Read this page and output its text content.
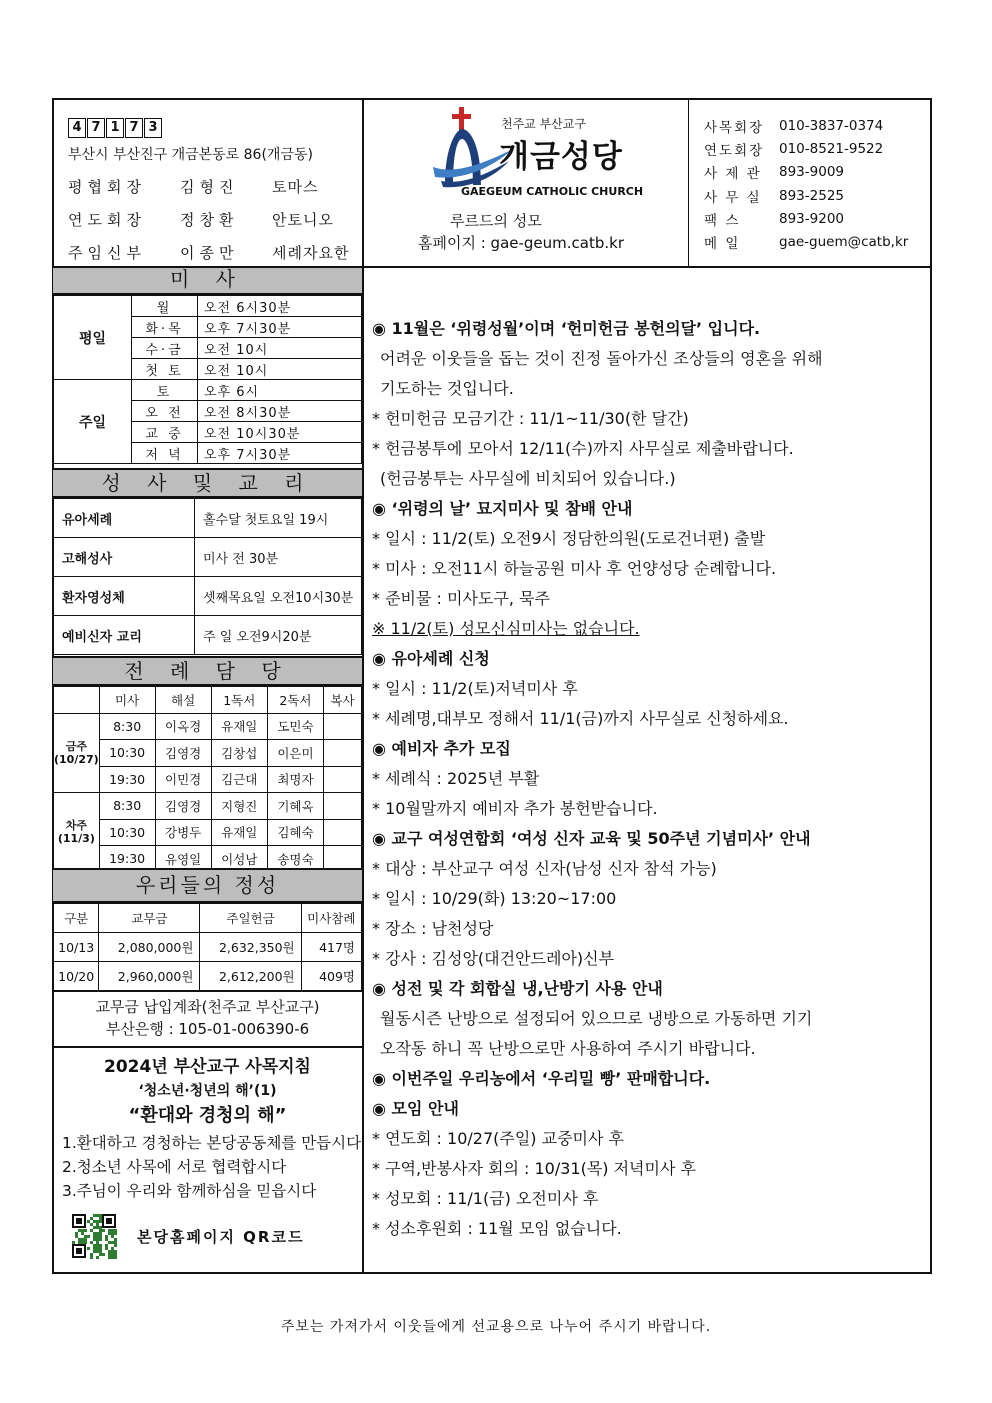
4 7 1 7 3
부산시 부산진구 개금본동로 86(개금동)
평협회장	김형진	토마스
연도회장	정창환	안토니오
주임신부	이종만	세례자요한
천주교 부산교구
개금성당
GAEGEUM CATHOLIC CHURCH
루르드의 성모
홈페이지 : gae-geum.catb.kr
사목회장	010-3837-0374
연도회장	010-8521-9522
사 제 관	893-9009
사 무 실	893-2525
팩 스	893-9200
메 일	gae-guem@catb,kr
미 사
평일	월	오전 6시30분
	화·목	오후 7시30분
	수·금	오전 10시
	첫 토	오전 10시
주일	토	오후 6시
	오 전	오전 8시30분
	교 중	오전 10시30분
	저 녁	오후 7시30분
성 사 및 교 리
유아세례	홀수달 첫토요일 19시
고해성사	미사 전 30분
환자영성체	셋째목요일 오전10시30분
예비신자 교리	주 일 오전9시20분
전 례 담 당
	미사	해설	1독서	2독서	복사
금주(10/27)	8:30	이옥경	유재일	도민숙	
	10:30	김영경	김창섭	이은미	
	19:30	이민경	김근대	최명자	
차주(11/3)	8:30	김영경	지형진	기혜옥	
	10:30	강병두	유재일	김혜숙	
	19:30	유영일	이성남	송명숙	
우리들의 정성
구분	교무금	주일헌금	미사참례
10/13	2,080,000원	2,632,350원	417명
10/20	2,960,000원	2,612,200원	409명
교무금 납입계좌(천주교 부산교구)
부산은행 : 105-01-006390-6
2024년 부산교구 사목지침
‘청소년·청년의 해’(1)
“환대와 경청의 해”
1.환대하고 경청하는 본당공동체를 만듭시다
2.청소년 사목에 서로 협력합시다
3.주님이 우리와 함께하심을 믿읍시다
본당홈페이지 QR코드
◉ 11월은 ‘위령성월’이며 ‘헌미헌금 봉헌의달’ 입니다.
어려운 이웃들을 돕는 것이 진정 돌아가신 조상들의 영혼을 위해
기도하는 것입니다.
* 헌미헌금 모금기간 : 11/1~11/30(한 달간)
* 헌금봉투에 모아서 12/11(수)까지 사무실로 제출바랍니다.
(헌금봉투는 사무실에 비치되어 있습니다.)
◉ ‘위령의 날’ 묘지미사 및 참배 안내
* 일시 : 11/2(토) 오전9시 정담한의원(도로건너편) 출발
* 미사 : 오전11시 하늘공원 미사 후 언양성당 순례합니다.
* 준비물 : 미사도구, 묵주
※ 11/2(토) 성모신심미사는 없습니다.
◉ 유아세례 신청
* 일시 : 11/2(토)저녁미사 후
* 세례명,대부모 정해서 11/1(금)까지 사무실로 신청하세요.
◉ 예비자 추가 모집
* 세례식 : 2025년 부활
* 10월말까지 예비자 추가 봉헌받습니다.
◉ 교구 여성연합회 ‘여성 신자 교육 및 50주년 기념미사’ 안내
* 대상 : 부산교구 여성 신자(남성 신자 참석 가능)
* 일시 : 10/29(화) 13:20~17:00
* 장소 : 남천성당
* 강사 : 김성앙(대건안드레아)신부
◉ 성전 및 각 회합실 냉,난방기 사용 안내
월동시즌 난방으로 설정되어 있으므로 냉방으로 가동하면 기기
오작동 하니 꼭 난방으로만 사용하여 주시기 바랍니다.
◉ 이번주일 우리농에서 ‘우리밀 빵’ 판매합니다.
◉ 모임 안내
* 연도회 : 10/27(주일) 교중미사 후
* 구역,반봉사자 회의 : 10/31(목) 저녁미사 후
* 성모회 : 11/1(금) 오전미사 후
* 성소후원회 : 11월 모임 없습니다.
주보는 가져가서 이웃들에게 선교용으로 나누어 주시기 바랍니다.
